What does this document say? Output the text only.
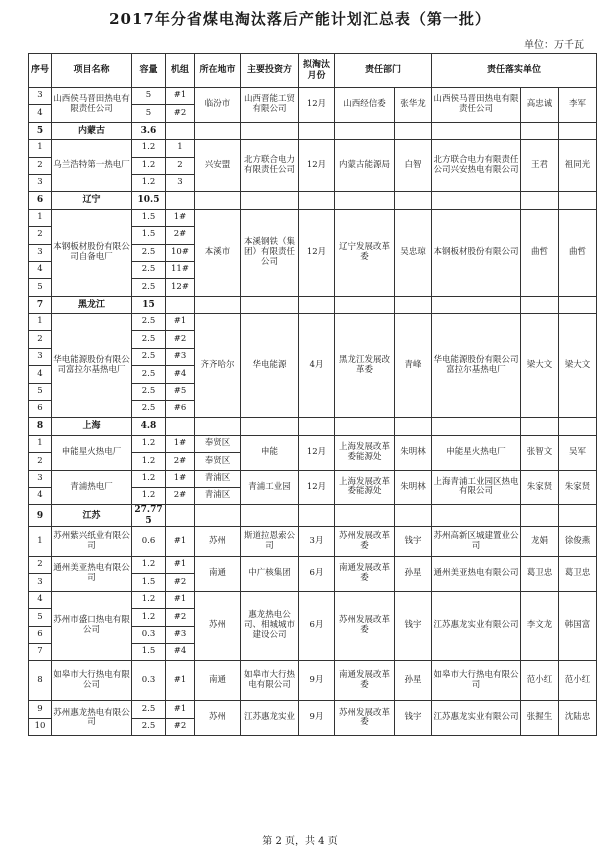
2017年分省煤电淘汰落后产能计划汇总表（第一批）
单位：万千瓦
序号	项目名称	容量	机组	所在地市	主要投资方	拟淘汰月份	责任部门		责任落实单位		
3	山西侯马晋田热电有限责任公司	5	#1	临汾市	山西晋能工贸有限公司	12月	山西经信委	张华龙	山西侯马晋田热电有限责任公司	高忠诚	李军
4		5	#2								
5	内蒙古	3.6									
1	乌兰浩特第一热电厂	1.2	1	兴安盟	北方联合电力有限责任公司	12月	内蒙古能源局	白智	北方联合电力有限责任公司兴安热电有限公司	王君	祖同光
2		1.2	2								
3		1.2	3								
6	辽宁	10.5									
1	本钢板材股份有限公司自备电厂	1.5	1#	本溪市	本溪钢铁（集团）有限责任公司	12月	辽宁发展改革委	吴忠琼	本钢板材股份有限公司	曲哲	曲哲
2		1.5	2#								
3		2.5	10#								
4		2.5	11#								
5		2.5	12#								
7	黑龙江	15									
1	华电能源股份有限公司富拉尔基热电厂	2.5	#1	齐齐哈尔	华电能源	4月	黑龙江发展改革委	青峰	华电能源股份有限公司富拉尔基热电厂	梁大文	梁大文
2		2.5	#2								
3		2.5	#3								
4		2.5	#4								
5		2.5	#5								
6		2.5	#6								
8	上海	4.8									
1	申能星火热电厂	1.2	1#	奉贤区	申能	12月	上海发展改革委能源处	朱明林	申能星火热电厂	张智文	吴军
2		1.2	2#	奉贤区							
3	青浦热电厂	1.2	1#	青浦区	青浦工业园	12月	上海发展改革委能源处	朱明林	上海青浦工业园区热电有限公司	朱家贤	朱家贤
4		1.2	2#	青浦区							
9	江苏	27.775									
1	苏州紫兴纸业有限公司	0.6	#1	苏州	斯道拉恩索公司	3月	苏州发展改革委	钱宇	苏州高新区城建置业公司	龙娟	徐俊燕
2	通州美亚热电有限公司	1.2	#1	南通	中广核集团	6月	南通发展改革委	孙星	通州美亚热电有限公司	葛卫忠	葛卫忠
3		1.5	#2								
4	苏州市盛口热电有限公司	1.2	#1	苏州	惠龙热电公司、相城城市建设公司	6月	苏州发展改革委	钱宇	江苏惠龙实业有限公司	李文龙	韩国富
5		1.2	#2								
6		0.3	#3								
7		1.5	#4								
8	如皋市大行热电有限公司	0.3	#1	南通	如皋市大行热电有限公司	9月	南通发展改革委	孙星	如皋市大行热电有限公司	范小红	范小红
9	苏州惠龙热电有限公司	2.5	#1	苏州	江苏惠龙实业	9月	苏州发展改革委	钱宇	江苏惠龙实业有限公司	张握生	沈陆忠
10		2.5	#2								
第 2 页，共 4 页
